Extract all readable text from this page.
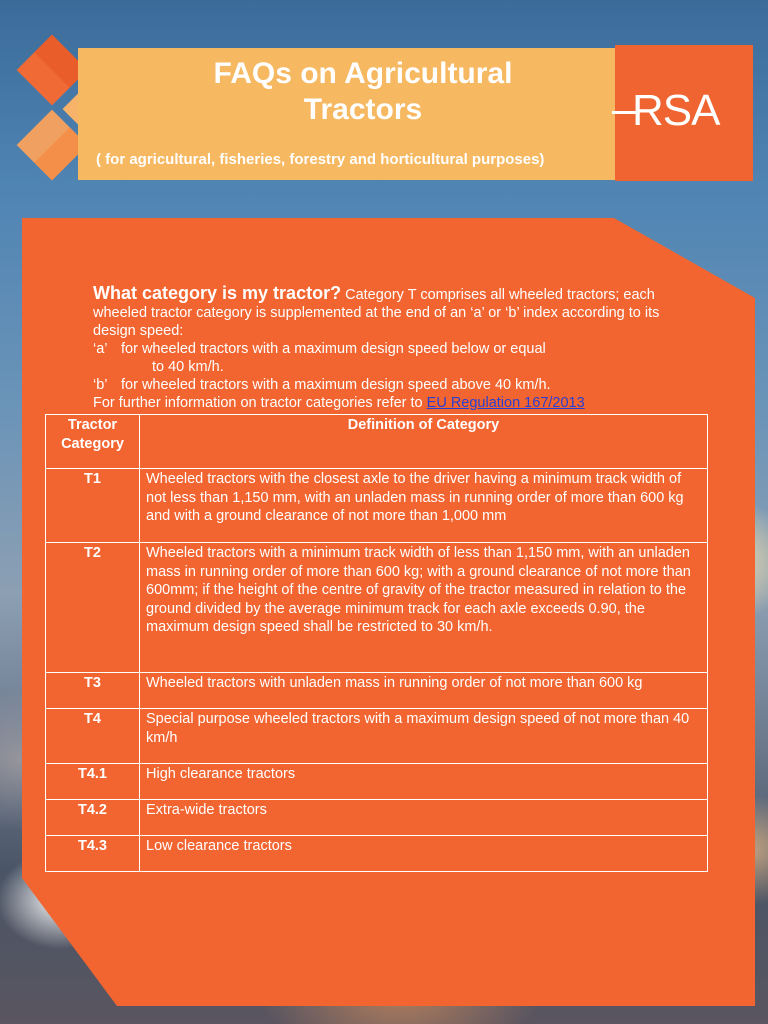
FAQs on Agricultural
Tractors
( for agricultural, fisheries, forestry and horticultural purposes)
RSA
What category is my tractor? Category T comprises all wheeled tractors; each wheeled tractor category is supplemented at the end of an ‘a’ or ‘b’ index according to its design speed:
‘a’ for wheeled tractors with a maximum design speed below or equal
to 40 km/h.
‘b’ for wheeled tractors with a maximum design speed above 40 km/h.
For further information on tractor categories refer to EU Regulation 167/2013
Tractor Category	Definition of Category
T1	Wheeled tractors with the closest axle to the driver having a minimum track width of not less than 1,150 mm, with an unladen mass in running order of more than 600 kg and with a ground clearance of not more than 1,000 mm
T2	Wheeled tractors with a minimum track width of less than 1,150 mm, with an unladen mass in running order of more than 600 kg; with a ground clearance of not more than 600mm; if the height of the centre of gravity of the tractor measured in relation to the ground divided by the average minimum track for each axle exceeds 0.90, the maximum design speed shall be restricted to 30 km/h.
T3	Wheeled tractors with unladen mass in running order of not more than 600 kg
T4	Special purpose wheeled tractors with a maximum design speed of not more than 40 km/h
T4.1	High clearance tractors
T4.2	Extra-wide tractors
T4.3	Low clearance tractors
